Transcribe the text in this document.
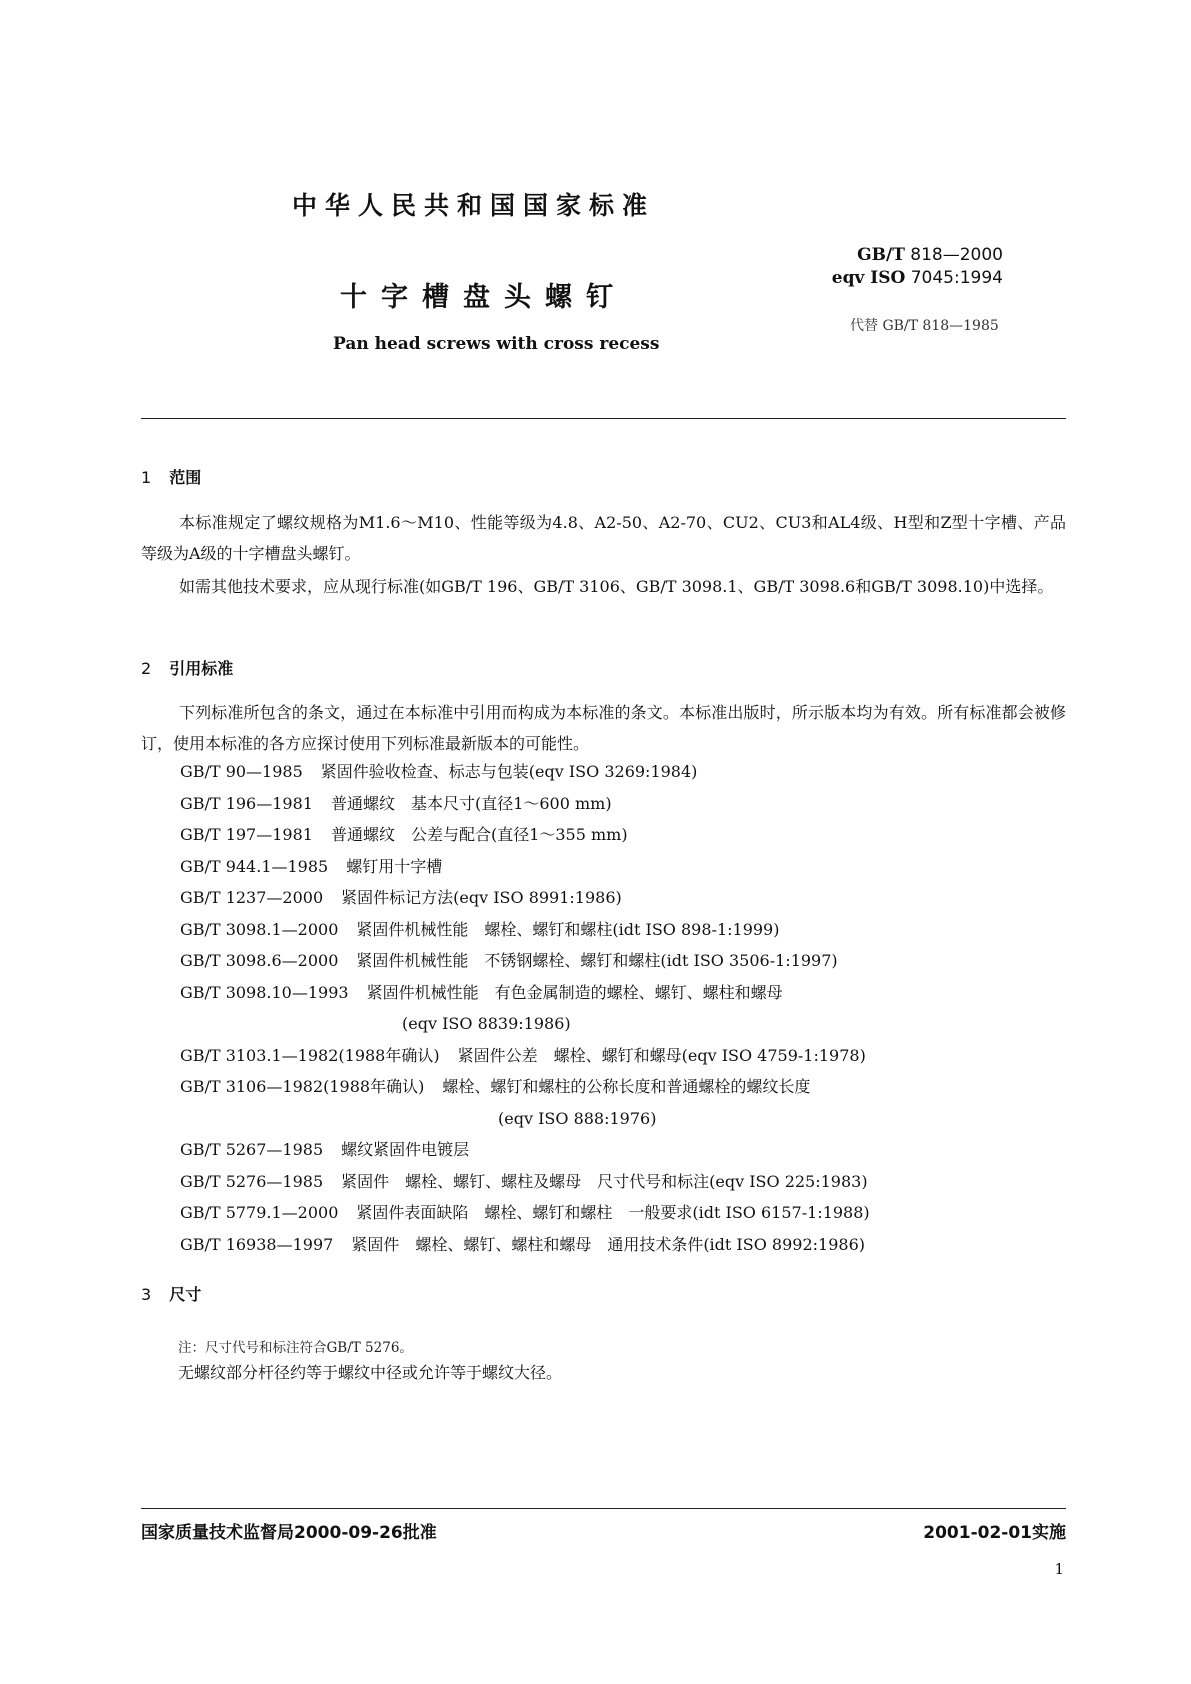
中华人民共和国国家标准
十字槽盘头螺钉
Pan head screws with cross recess
GB/T 818—2000
eqv ISO 7045:1994
代替 GB/T 818—1985
1 范围
本标准规定了螺纹规格为M1.6～M10、性能等级为4.8、A2-50、A2-70、CU2、CU3和AL4级、H型和Z型十字槽、产品等级为A级的十字槽盘头螺钉。
如需其他技术要求，应从现行标准(如GB/T 196、GB/T 3106、GB/T 3098.1、GB/T 3098.6和GB/T 3098.10)中选择。
2 引用标准
下列标准所包含的条文，通过在本标准中引用而构成为本标准的条文。本标准出版时，所示版本均为有效。所有标准都会被修订，使用本标准的各方应探讨使用下列标准最新版本的可能性。
GB/T 90—1985 紧固件验收检查、标志与包装(eqv ISO 3269:1984)
GB/T 196—1981 普通螺纹　基本尺寸(直径1～600 mm)
GB/T 197—1981 普通螺纹　公差与配合(直径1～355 mm)
GB/T 944.1—1985 螺钉用十字槽
GB/T 1237—2000 紧固件标记方法(eqv ISO 8991:1986)
GB/T 3098.1—2000 紧固件机械性能　螺栓、螺钉和螺柱(idt ISO 898-1:1999)
GB/T 3098.6—2000 紧固件机械性能　不锈钢螺栓、螺钉和螺柱(idt ISO 3506-1:1997)
GB/T 3098.10—1993 紧固件机械性能　有色金属制造的螺栓、螺钉、螺柱和螺母
(eqv ISO 8839:1986)
GB/T 3103.1—1982(1988年确认) 紧固件公差　螺栓、螺钉和螺母(eqv ISO 4759-1:1978)
GB/T 3106—1982(1988年确认) 螺栓、螺钉和螺柱的公称长度和普通螺栓的螺纹长度
(eqv ISO 888:1976)
GB/T 5267—1985 螺纹紧固件电镀层
GB/T 5276—1985 紧固件　螺栓、螺钉、螺柱及螺母　尺寸代号和标注(eqv ISO 225:1983)
GB/T 5779.1—2000 紧固件表面缺陷　螺栓、螺钉和螺柱　一般要求(idt ISO 6157-1:1988)
GB/T 16938—1997 紧固件　螺栓、螺钉、螺柱和螺母　通用技术条件(idt ISO 8992:1986)
3 尺寸
注：尺寸代号和标注符合GB/T 5276。
无螺纹部分杆径约等于螺纹中径或允许等于螺纹大径。
国家质量技术监督局2000-09-26批准	2001-02-01实施
1
